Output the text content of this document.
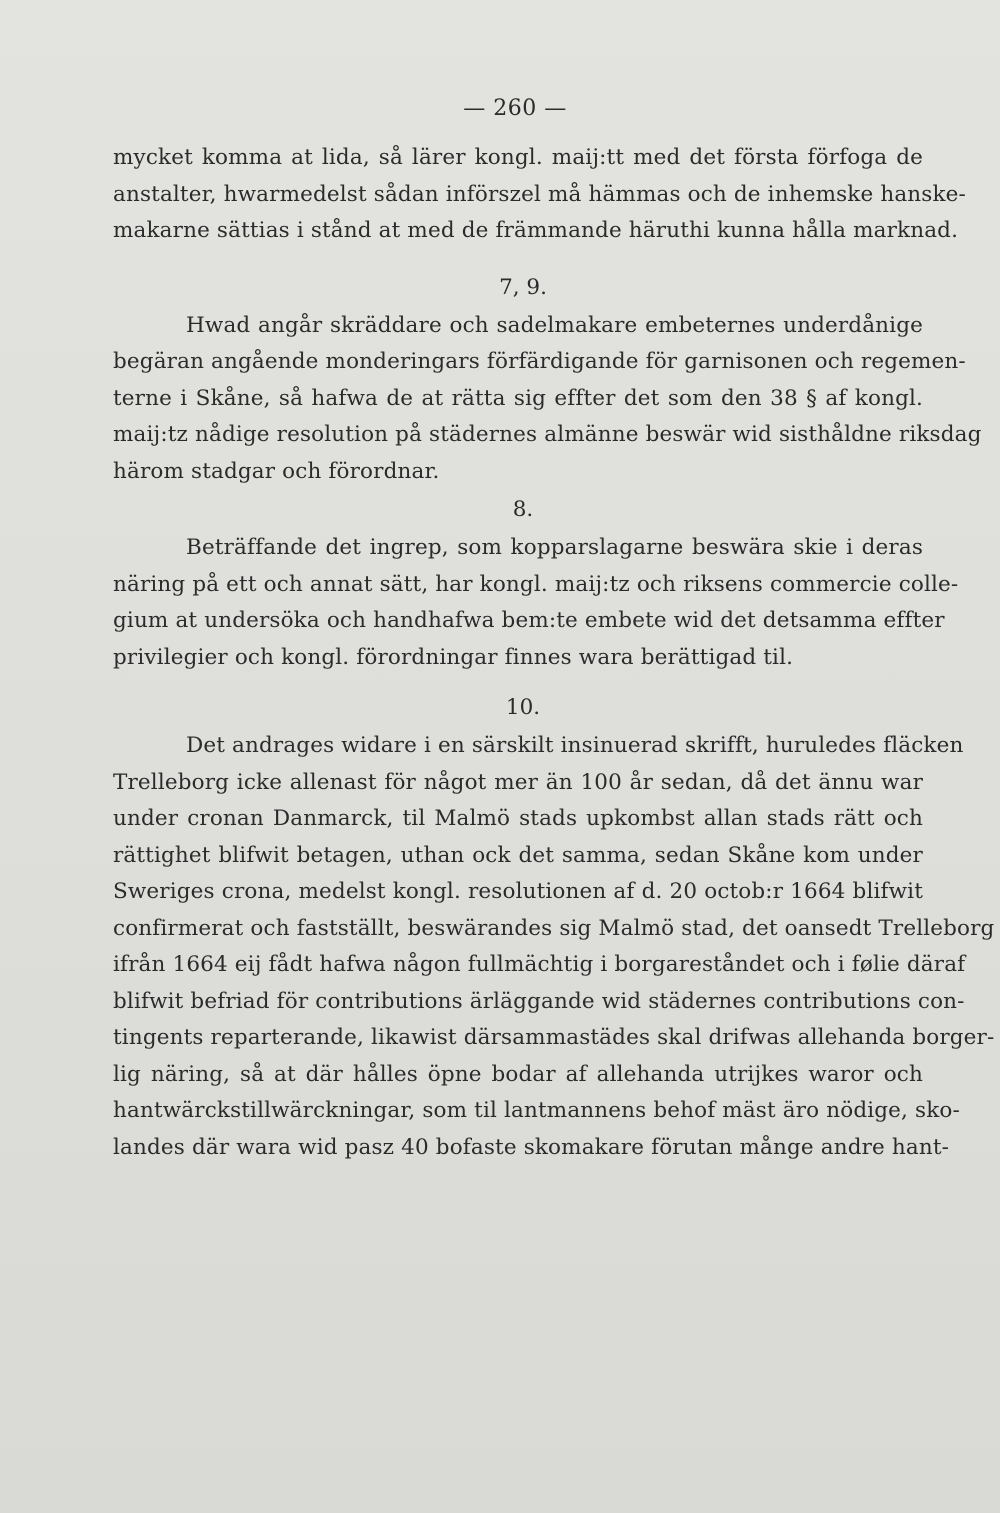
— 260 —
mycket komma at lida, så lärer kongl. maij:tt med det första förfoga de
anstalter, hwarmedelst sådan införszel må hämmas och de inhemske hanske-
makarne sättias i stånd at med de främmande häruthi kunna hålla marknad.
7, 9.
Hwad angår skräddare och sadelmakare embeternes underdånige
begäran angående monderingars förfärdigande för garnisonen och regemen-
terne i Skåne, så hafwa de at rätta sig effter det som den 38 § af kongl.
maij:tz nådige resolution på städernes almänne beswär wid sisthåldne riksdag
härom stadgar och förordnar.
8.
Beträffande det ingrep, som kopparslagarne beswära skie i deras
näring på ett och annat sätt, har kongl. maij:tz och riksens commercie colle-
gium at undersöka och handhafwa bem:te embete wid det detsamma effter
privilegier och kongl. förordningar finnes wara berättigad til.
10.
Det andrages widare i en särskilt insinuerad skrifft, huruledes fläcken
Trelleborg icke allenast för något mer än 100 år sedan, då det ännu war
under cronan Danmarck, til Malmö stads upkombst allan stads rätt och
rättighet blifwit betagen, uthan ock det samma, sedan Skåne kom under
Sweriges crona, medelst kongl. resolutionen af d. 20 octob:r 1664 blifwit
confirmerat och fastställt, beswärandes sig Malmö stad, det oansedt Trelleborg
ifrån 1664 eij fådt hafwa någon fullmächtig i borgareståndet och i følie däraf
blifwit befriad för contributions ärläggande wid städernes contributions con-
tingents reparterande, likawist därsammastädes skal drifwas allehanda borger-
lig näring, så at där hålles öpne bodar af allehanda utrijkes waror och
hantwärckstillwärckningar, som til lantmannens behof mäst äro nödige, sko-
landes där wara wid pasz 40 bofaste skomakare förutan månge andre hant-
